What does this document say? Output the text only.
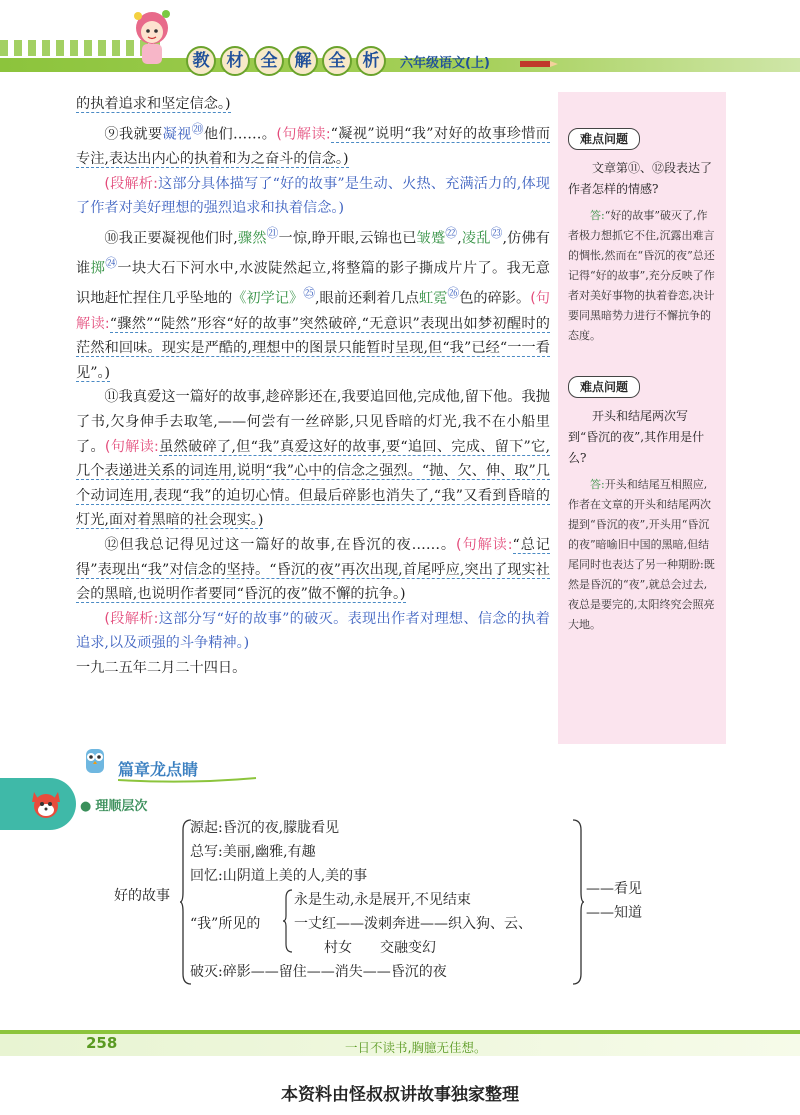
教	材	全	解	全	析	六年级语文(上)

的执着追求和坚定信念。)

⑨我就要凝视⑳他们……。(句解读:“凝视”说明“我”对好的故事珍惜而专注,表达出内心的执着和为之奋斗的信念。)

(段解析:这部分具体描写了“好的故事”是生动、火热、充满活力的,体现了作者对美好理想的强烈追求和执着信念。)

⑩我正要凝视他们时,骤然$^㉑$一惊,睁开眼,云锦也已皱蹙$^㉒$,凌乱$^㉓$,仿佛有谁掷$^㉔$一块大石下河水中,水波陡然起立,将整篇的影子撕成片片了。我无意识地赶忙捏住几乎坠地的《初学记》$^㉕$,眼前还剩着几点虹霓$^㉖$色的碎影。(句解读:“骤然”“陡然”形容“好的故事”突然破碎,“无意识”表现出如梦初醒时的茫然和回味。现实是严酷的,理想中的图景只能暂时呈现,但“我”已经“一一看见”。)

⑪我真爱这一篇好的故事,趁碎影还在,我要追回他,完成他,留下他。我抛了书,欠身伸手去取笔,——何尝有一丝碎影,只见昏暗的灯光,我不在小船里了。(句解读:虽然破碎了,但“我”真爱这好的故事,要“追回、完成、留下”它,几个表递进关系的词连用,说明“我”心中的信念之强烈。“抛、欠、伸、取”几个动词连用,表现“我”的迫切心情。但最后碎影也消失了,“我”又看到昏暗的灯光,面对着黑暗的社会现实。)

⑫但我总记得见过这一篇好的故事,在昏沉的夜……。(句解读:“总记得”表现出“我”对信念的坚持。“昏沉的夜”再次出现,首尾呼应,突出了现实社会的黑暗,也说明作者要同“昏沉的夜”做不懈的抗争。)

(段解析:这部分写“好的故事”的破灭。表现出作者对理想、信念的执着追求,以及顽强的斗争精神。)

一九二五年二月二十四日。

难点问题
文章第⑪、⑫段表达了作者怎样的情感?
答:“好的故事”破灭了,作者极力想抓它不住,沉露出难言的惆怅,然而在“昏沉的夜”总还记得“好的故事”,充分反映了作者对美好事物的执着眷恋,决计要同黑暗势力进行不懈抗争的态度。
难点问题
开头和结尾两次写到“昏沉的夜”,其作用是什么?
答:开头和结尾互相照应,作者在文章的开头和结尾两次提到“昏沉的夜”,开头用“昏沉的夜”暗喻旧中国的黑暗,但结尾同时也表达了另一种期盼:既然是昏沉的“夜”,就总会过去,夜总是要完的,太阳终究会照亮大地。
篇章龙点睛
● 理顺层次
好的故事
源起:昏沉的夜,朦胧看见
总写:美丽,幽雅,有趣
回忆:山阴道上美的人,美的事
“我”所见的
永是生动,永是展开,不见结束
一丈红——泼刺奔进——织入狗、云、
村女　　交融变幻
破灭:碎影——留住——消失——昏沉的夜
——看见
——知道
258	一日不读书,胸臆无佳想。
本资料由怪叔叔讲故事独家整理
